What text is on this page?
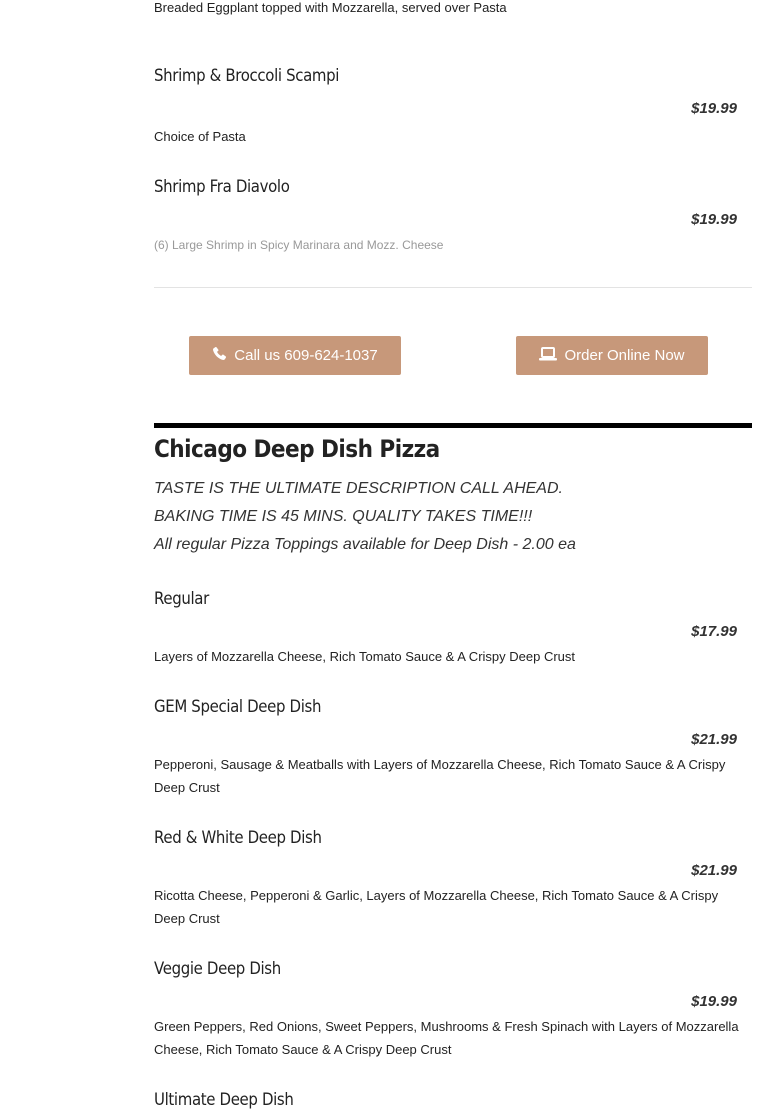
Breaded Eggplant topped with Mozzarella, served over Pasta

Shrimp & Broccoli Scampi

$19.99

Choice of Pasta

Shrimp Fra Diavolo

$19.99

(6) Large Shrimp in Spicy Marinara and Mozz. Cheese

Call us 609-624-1037	Order Online Now
Chicago Deep Dish Pizza
TASTE IS THE ULTIMATE DESCRIPTION CALL AHEAD.
BAKING TIME IS 45 MINS. QUALITY TAKES TIME!!!
All regular Pizza Toppings available for Deep Dish - 2.00 ea

Regular

$17.99

Layers of Mozzarella Cheese, Rich Tomato Sauce & A Crispy Deep Crust

GEM Special Deep Dish

$21.99

Pepperoni, Sausage & Meatballs with Layers of Mozzarella Cheese, Rich Tomato Sauce & A Crispy Deep Crust

Red & White Deep Dish

$21.99

Ricotta Cheese, Pepperoni & Garlic, Layers of Mozzarella Cheese, Rich Tomato Sauce & A Crispy Deep Crust

Veggie Deep Dish

$19.99

Green Peppers, Red Onions, Sweet Peppers, Mushrooms & Fresh Spinach with Layers of Mozzarella Cheese, Rich Tomato Sauce & A Crispy Deep Crust

Ultimate Deep Dish
